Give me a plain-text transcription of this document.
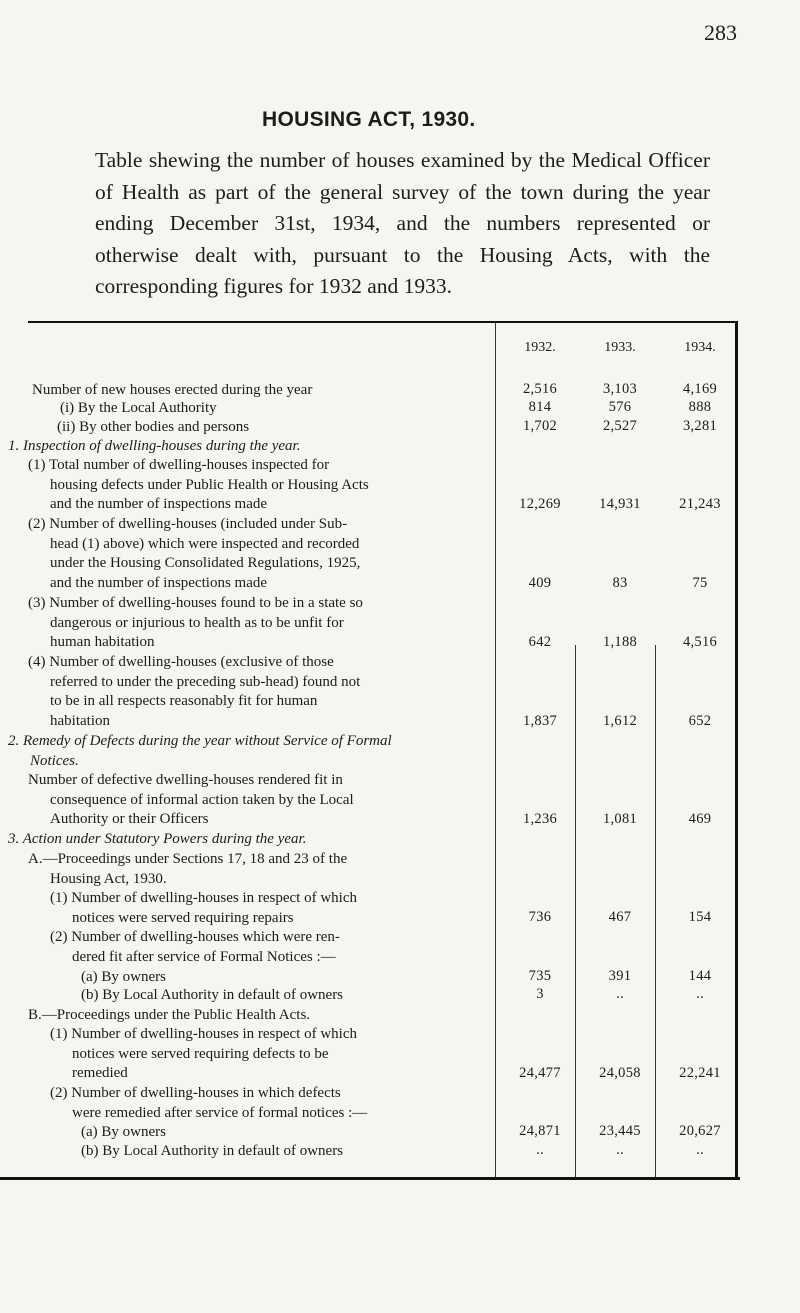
283
HOUSING ACT, 1930.

Table shewing the number of houses examined by the Medical Officer of Health as part of the general survey of the town during the year ending December 31st, 1934, and the numbers represented or otherwise dealt with, pursuant to the Housing Acts, with the corresponding figures for 1932 and 1933.

1932.	1933.	1934.
Number of new houses erected during the year	2,516	3,103	4,169
(i) By the Local Authority	814	576	888
(ii) By other bodies and persons	1,702	2,527	3,281
1. Inspection of dwelling-houses during the year.
(1) Total number of dwelling-houses inspected for
housing defects under Public Health or Housing Acts
and the number of inspections made	12,269	14,931	21,243
(2) Number of dwelling-houses (included under Sub-
head (1) above) which were inspected and recorded
under the Housing Consolidated Regulations, 1925,
and the number of inspections made	409	83	75
(3) Number of dwelling-houses found to be in a state so
dangerous or injurious to health as to be unfit for
human habitation	642	1,188	4,516
(4) Number of dwelling-houses (exclusive of those
referred to under the preceding sub-head) found not
to be in all respects reasonably fit for human
habitation	1,837	1,612	652
2. Remedy of Defects during the year without Service of Formal
Notices.
Number of defective dwelling-houses rendered fit in
consequence of informal action taken by the Local
Authority or their Officers	1,236	1,081	469
3. Action under Statutory Powers during the year.
A.—Proceedings under Sections 17, 18 and 23 of the
Housing Act, 1930.
(1) Number of dwelling-houses in respect of which
notices were served requiring repairs	736	467	154
(2) Number of dwelling-houses which were ren-
dered fit after service of Formal Notices :—
(a) By owners	735	391	144
(b) By Local Authority in default of owners	3	..	..
B.—Proceedings under the Public Health Acts.
(1) Number of dwelling-houses in respect of which
notices were served requiring defects to be
remedied	24,477	24,058	22,241
(2) Number of dwelling-houses in which defects
were remedied after service of formal notices :—
(a) By owners	24,871	23,445	20,627
(b) By Local Authority in default of owners	..	..	..
